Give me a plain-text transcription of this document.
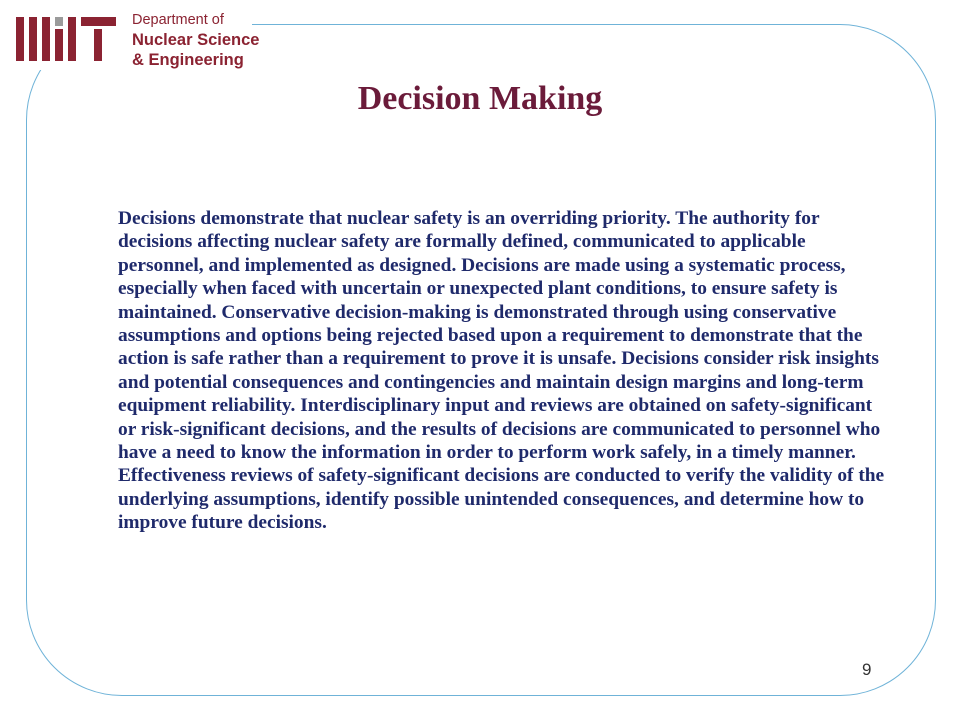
Department of
Nuclear Science
& Engineering
Decision Making

Decisions demonstrate that nuclear safety is an overriding priority. The authority for decisions affecting nuclear safety are formally defined, communicated to applicable personnel, and implemented as designed. Decisions are made using a systematic process, especially when faced with uncertain or unexpected plant conditions, to ensure safety is maintained. Conservative decision-making is demonstrated through using conservative assumptions and options being rejected based upon a requirement to demonstrate that the action is safe rather than a requirement to prove it is unsafe. Decisions consider risk insights and potential consequences and contingencies and maintain design margins and long-term equipment reliability. Interdisciplinary input and reviews are obtained on safety-significant or risk-significant decisions, and the results of decisions are communicated to personnel who have a need to know the information in order to perform work safely, in a timely manner. Effectiveness reviews of safety-significant decisions are conducted to verify the validity of the underlying assumptions, identify possible unintended consequences, and determine how to improve future decisions.

9
